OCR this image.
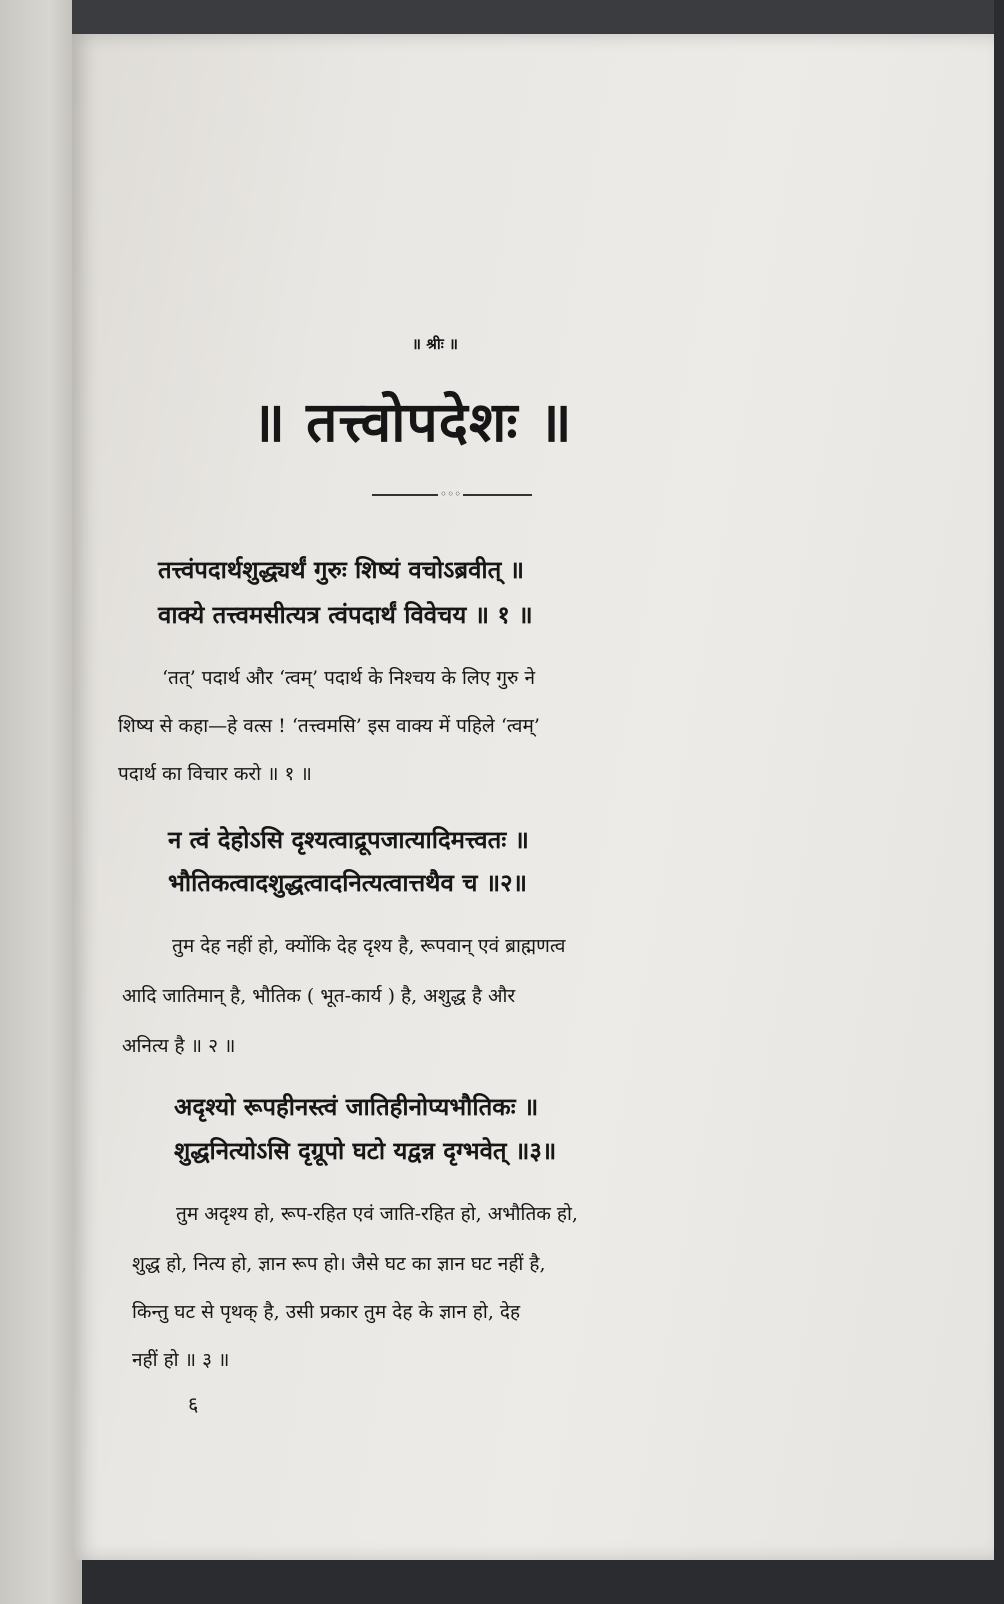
॥ श्रीः ॥
॥ तत्त्वोपदेशः ॥
◦◦◦
तत्त्वंपदार्थशुद्ध्यर्थं गुरुः शिष्यं वचोऽब्रवीत् ॥
वाक्ये तत्त्वमसीत्यत्र त्वंपदार्थं विवेचय ॥ १ ॥
‘तत्’ पदार्थ और ‘त्वम्’ पदार्थ के निश्चय के लिए गुरु ने
शिष्य से कहा—हे वत्स ! ‘तत्त्वमसि’ इस वाक्य में पहिले ‘त्वम्’
पदार्थ का विचार करो ॥ १ ॥
न त्वं देहोऽसि दृश्यत्वाद्रूपजात्यादिमत्त्वतः ॥
भौतिकत्वादशुद्धत्वादनित्यत्वात्तथैव च ॥२॥
तुम देह नहीं हो, क्योंकि देह दृश्य है, रूपवान् एवं ब्राह्मणत्व
आदि जातिमान् है, भौतिक ( भूत-कार्य ) है, अशुद्ध है और
अनित्य है ॥ २ ॥
अदृश्यो रूपहीनस्त्वं जातिहीनोप्यभौतिकः ॥
शुद्धनित्योऽसि दृग्रूपो घटो यद्वन्न दृग्भवेत् ॥३॥
तुम अदृश्य हो, रूप-रहित एवं जाति-रहित हो, अभौतिक हो,
शुद्ध हो, नित्य हो, ज्ञान रूप हो। जैसे घट का ज्ञान घट नहीं है,
किन्तु घट से पृथक् है, उसी प्रकार तुम देह के ज्ञान हो, देह
नहीं हो ॥ ३ ॥
६
